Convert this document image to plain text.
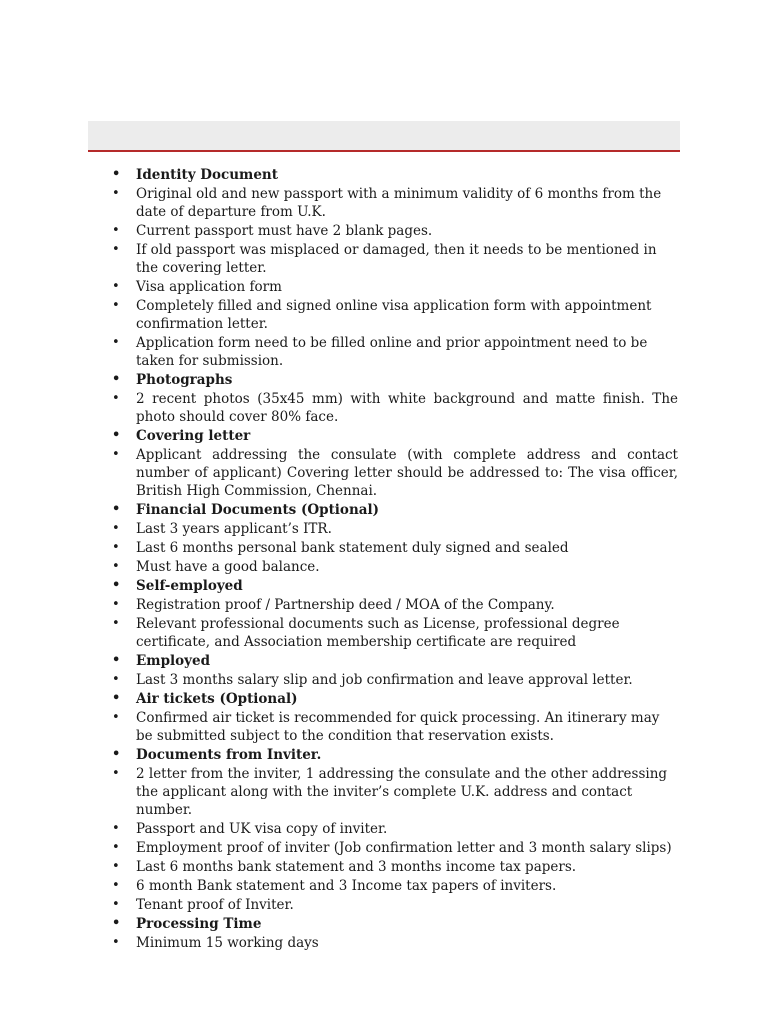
• Identity Document
• Original old and new passport with a minimum validity of 6 months from the date of departure from U.K.
• Current passport must have 2 blank pages.
• If old passport was misplaced or damaged, then it needs to be mentioned in the covering letter.
• Visa application form
• Completely filled and signed online visa application form with appointment confirmation letter.
• Application form need to be filled online and prior appointment need to be taken for submission.
• Photographs
• 2 recent photos (35x45 mm) with white background and matte finish. The photo should cover 80% face.
• Covering letter
• Applicant addressing the consulate (with complete address and contact number of applicant) Covering letter should be addressed to: The visa officer, British High Commission, Chennai.
• Financial Documents (Optional)
• Last 3 years applicant’s ITR.
• Last 6 months personal bank statement duly signed and sealed
• Must have a good balance.
• Self-employed
• Registration proof / Partnership deed / MOA of the Company.
• Relevant professional documents such as License, professional degree certificate, and Association membership certificate are required
• Employed
• Last 3 months salary slip and job confirmation and leave approval letter.
• Air tickets (Optional)
• Confirmed air ticket is recommended for quick processing. An itinerary may be submitted subject to the condition that reservation exists.
• Documents from Inviter.
• 2 letter from the inviter, 1 addressing the consulate and the other addressing the applicant along with the inviter’s complete U.K. address and contact number.
• Passport and UK visa copy of inviter.
• Employment proof of inviter (Job confirmation letter and 3 month salary slips)
• Last 6 months bank statement and 3 months income tax papers.
• 6 month Bank statement and 3 Income tax papers of inviters.
• Tenant proof of Inviter.
• Processing Time
• Minimum 15 working days
